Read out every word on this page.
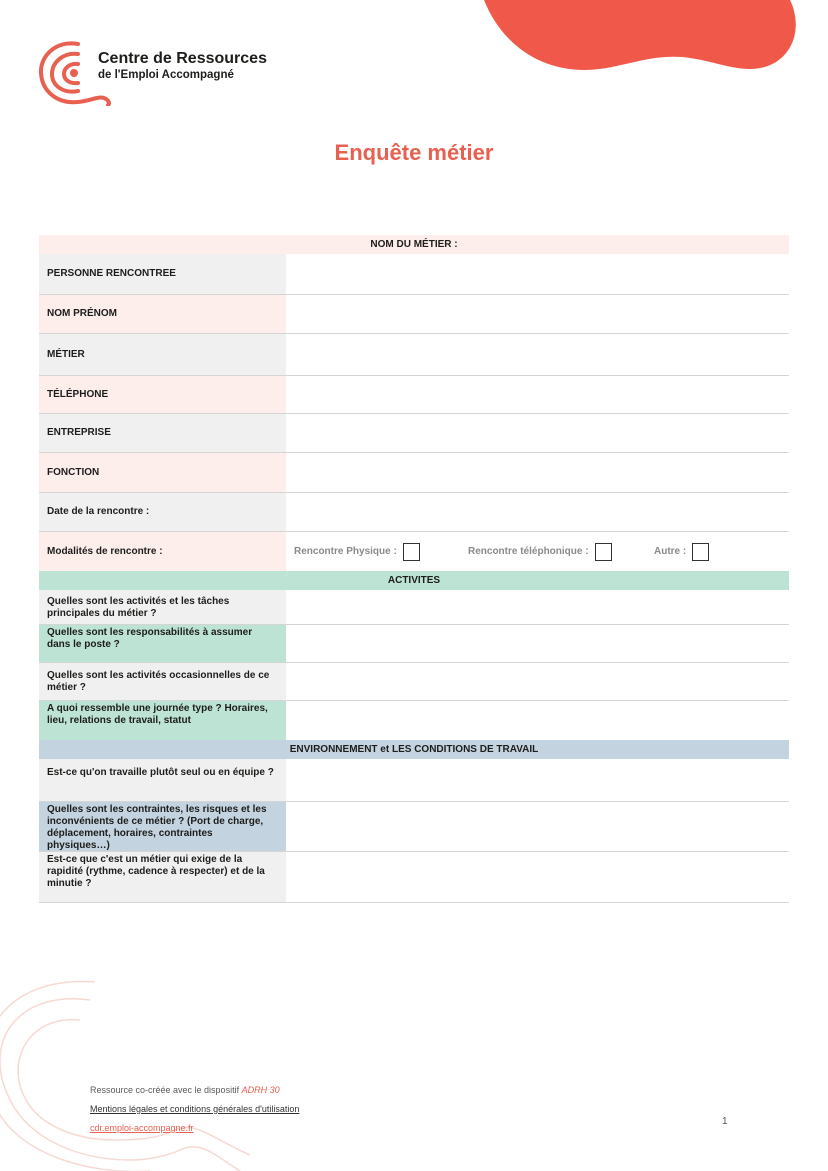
Centre de Ressources
de l'Emploi Accompagné
Enquête métier
NOM DU MÉTIER :
PERSONNE RENCONTREE
NOM PRÉNOM
MÉTIER
TÉLÉPHONE
ENTREPRISE
FONCTION
Date de la rencontre :
Modalités de rencontre :	Rencontre Physique :	Rencontre téléphonique :	Autre :
ACTIVITES
Quelles sont les activités et les tâches principales du métier ?
Quelles sont les responsabilités à assumer dans le poste ?
Quelles sont les activités occasionnelles de ce métier ?
A quoi ressemble une journée type ? Horaires, lieu, relations de travail, statut
ENVIRONNEMENT et LES CONDITIONS DE TRAVAIL
Est-ce qu'on travaille plutôt seul ou en équipe ?
Quelles sont les contraintes, les risques et les inconvénients de ce métier ? (Port de charge, déplacement, horaires, contraintes physiques…)
Est-ce que c'est un métier qui exige de la rapidité (rythme, cadence à respecter) et de la minutie ?
Ressource co-créée avec le dispositif ADRH 30
Mentions légales et conditions générales d'utilisation
cdr.emploi-accompagne.fr
1
